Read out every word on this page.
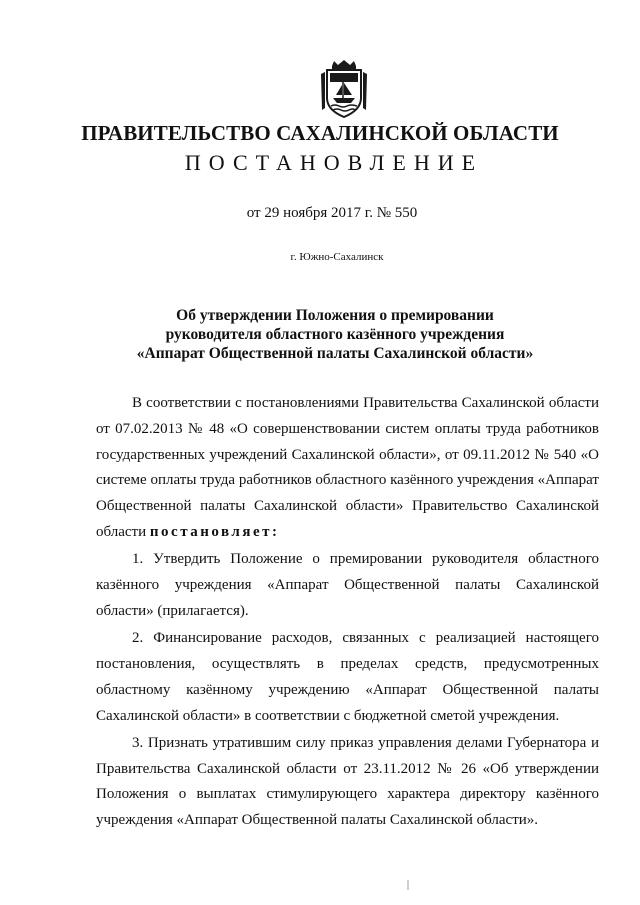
ПРАВИТЕЛЬСТВО САХАЛИНСКОЙ ОБЛАСТИ
ПОСТАНОВЛЕНИЕ
от 29 ноября 2017 г. № 550
г. Южно-Сахалинск
Об утверждении Положения о премировании
руководителя областного казённого учреждения
«Аппарат Общественной палаты Сахалинской области»

В соответствии с постановлениями Правительства Сахалинской области от 07.02.2013 № 48 «О совершенствовании систем оплаты труда работников государственных учреждений Сахалинской области», от 09.11.2012 № 540 «О системе оплаты труда работников областного казённого учреждения «Аппарат Общественной палаты Сахалинской области» Правительство Сахалинской области постановляет:

1. Утвердить Положение о премировании руководителя областного казённого учреждения «Аппарат Общественной палаты Сахалинской области» (прилагается).

2. Финансирование расходов, связанных с реализацией настоящего постановления, осуществлять в пределах средств, предусмотренных областному казённому учреждению «Аппарат Общественной палаты Сахалинской области» в соответствии с бюджетной сметой учреждения.

3. Признать утратившим силу приказ управления делами Губернатора и Правительства Сахалинской области от 23.11.2012 № 26 «Об утверждении Положения о выплатах стимулирующего характера директору казённого учреждения «Аппарат Общественной палаты Сахалинской области».
